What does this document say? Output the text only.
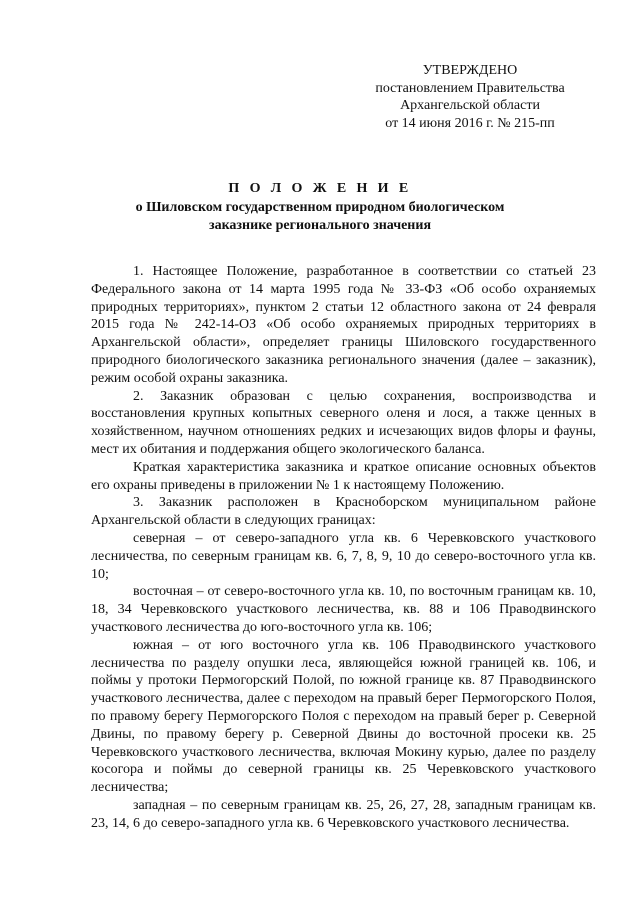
УТВЕРЖДЕНО
постановлением Правительства
Архангельской области
от 14 июня 2016 г. № 215-пп
П О Л О Ж Е Н И Е
о Шиловском государственном природном биологическом
заказнике регионального значения

1. Настоящее Положение, разработанное в соответствии со статьей 23 Федерального закона от 14 марта 1995 года № 33-ФЗ «Об особо охраняемых природных территориях», пунктом 2 статьи 12 областного закона от 24 февраля 2015 года № 242-14-ОЗ «Об особо охраняемых природных территориях в Архангельской области», определяет границы Шиловского государственного природного биологического заказника регионального значения (далее – заказник), режим особой охраны заказника.

2. Заказник образован с целью сохранения, воспроизводства и восстановления крупных копытных северного оленя и лося, а также ценных в хозяйственном, научном отношениях редких и исчезающих видов флоры и фауны, мест их обитания и поддержания общего экологического баланса.

Краткая характеристика заказника и краткое описание основных объектов его охраны приведены в приложении № 1 к настоящему Положению.

3. Заказник расположен в Красноборском муниципальном районе Архангельской области в следующих границах:

северная – от северо-западного угла кв. 6 Черевковского участкового лесничества, по северным границам кв. 6, 7, 8, 9, 10 до северо-восточного угла кв. 10;

восточная – от северо-восточного угла кв. 10, по восточным границам кв. 10, 18, 34 Черевковского участкового лесничества, кв. 88 и 106 Праводвинского участкового лесничества до юго-восточного угла кв. 106;

южная – от юго восточного угла кв. 106 Праводвинского участкового лесничества по разделу опушки леса, являющейся южной границей кв. 106, и поймы у протоки Пермогорский Полой, по южной границе кв. 87 Праводвинского участкового лесничества, далее с переходом на правый берег Пермогорского Полоя, по правому берегу Пермогорского Полоя с переходом на правый берег р. Северной Двины, по правому берегу р. Северной Двины до восточной просеки кв. 25 Черевковского участкового лесничества, включая Мокину курью, далее по разделу косогора и поймы до северной границы кв. 25 Черевковского участкового лесничества;

западная – по северным границам кв. 25, 26, 27, 28, западным границам кв. 23, 14, 6 до северо-западного угла кв. 6 Черевковского участкового лесничества.
